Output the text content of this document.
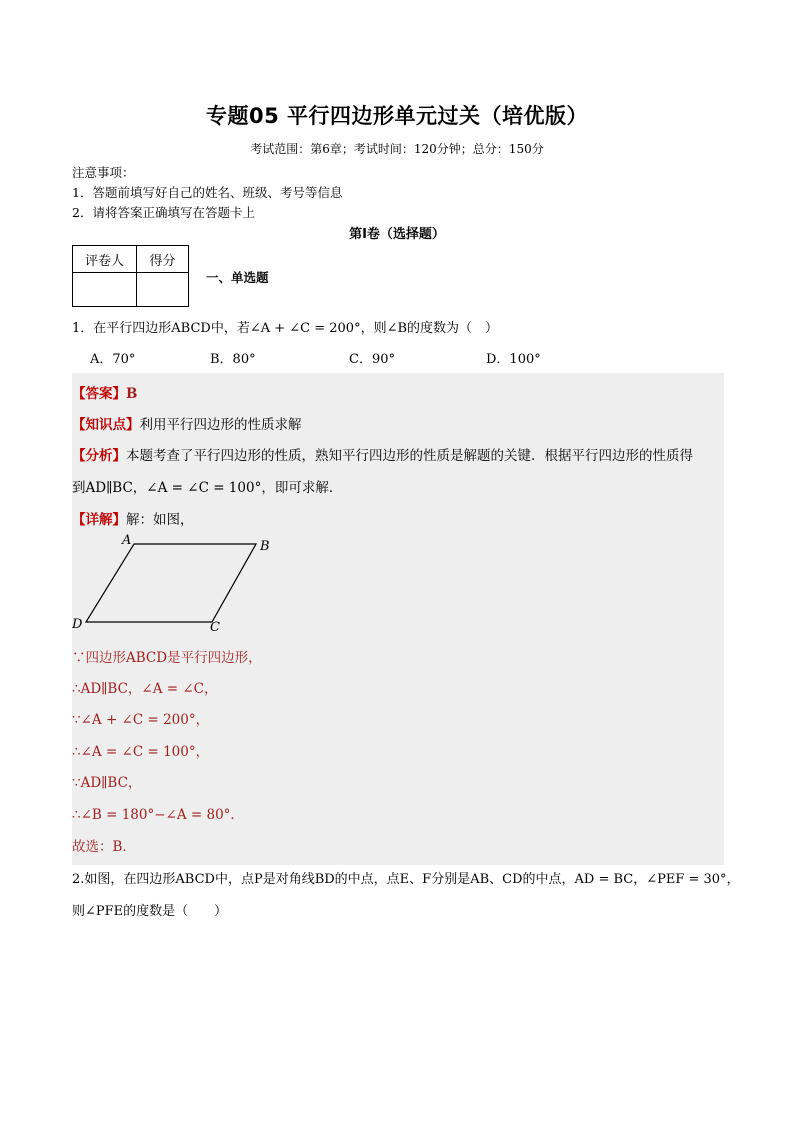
专题05 平行四边形单元过关（培优版）
考试范围：第6章；考试时间：120分钟；总分：150分
注意事项：
1．答题前填写好自己的姓名、班级、考号等信息
2．请将答案正确填写在答题卡上
第I卷（选择题）
评卷人	得分

一、单选题
1．在平行四边形ABCD中，若∠A + ∠C = 200°，则∠B的度数为（　）
A．70°	B．80°	C．90°	D．100°
【答案】B
【知识点】利用平行四边形的性质求解
【分析】本题考查了平行四边形的性质，熟知平行四边形的性质是解题的关键．根据平行四边形的性质得
到AD∥BC，∠A = ∠C = 100°，即可求解．
【详解】解：如图，
A	B
C
D
∵四边形ABCD是平行四边形，
∴AD∥BC，∠A = ∠C，
∵∠A + ∠C = 200°，
∴∠A = ∠C = 100°，
∵AD∥BC，
∴∠B = 180°−∠A = 80°．
故选：B．
2.如图，在四边形ABCD中，点P是对角线BD的中点，点E、F分别是AB、CD的中点，AD = BC，∠PEF = 30°，
则∠PFE的度数是（　　）
